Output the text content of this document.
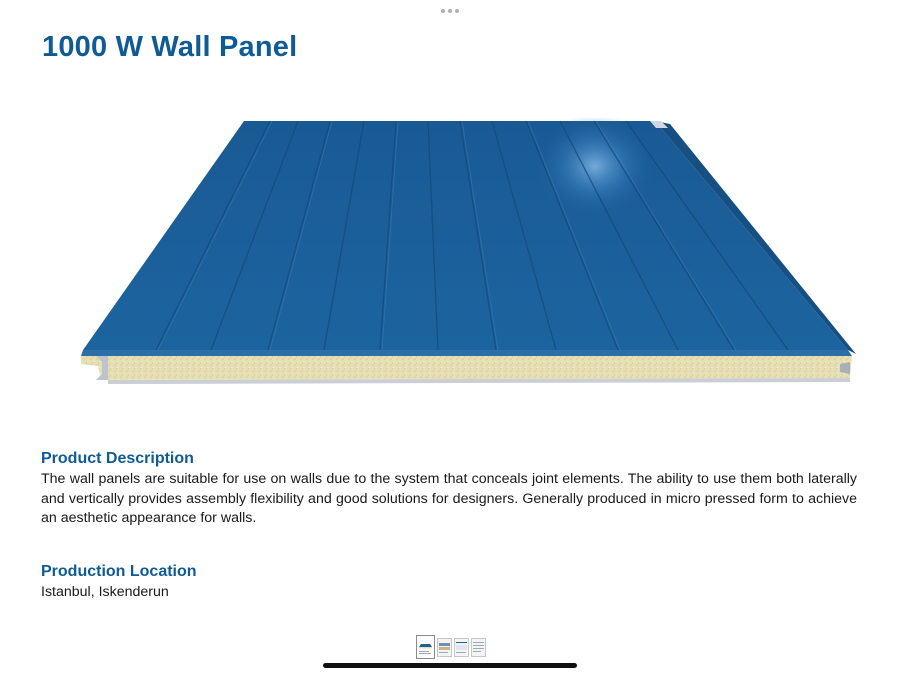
1000 W Wall Panel
Product Description

The wall panels are suitable for use on walls due to the system that conceals joint elements. The ability to use them both laterally and vertically provides assembly flexibility and good solutions for designers. Generally produced in micro pressed form to achieve an aesthetic appearance for walls.

Production Location

Istanbul, Iskenderun
